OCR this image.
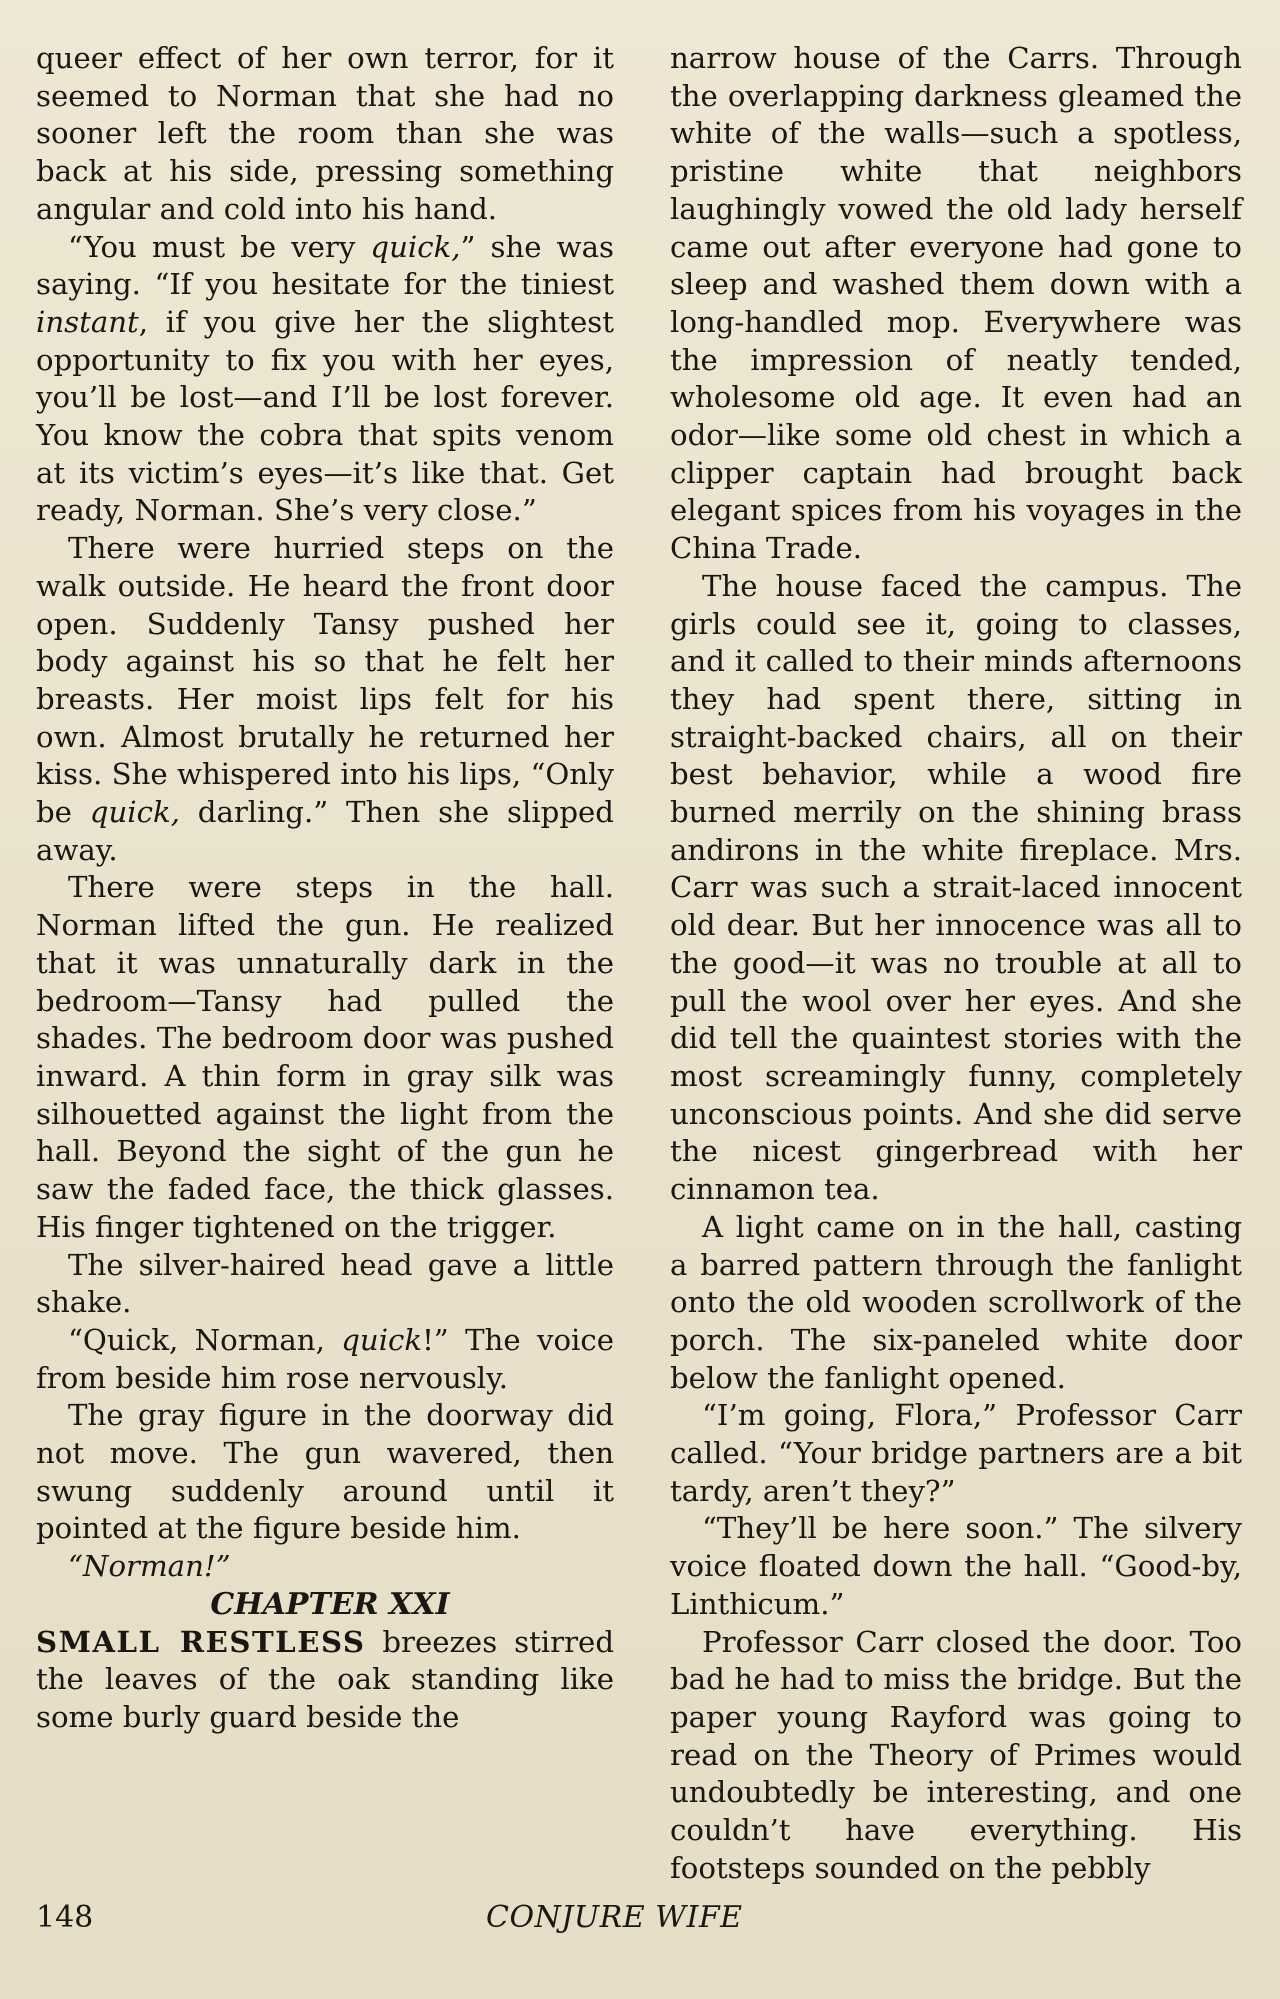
queer effect of her own terror, for it seemed to Norman that she had no sooner left the room than she was back at his side, pressing something angular and cold into his hand.

“You must be very quick,” she was saying. “If you hesitate for the tiniest instant, if you give her the slightest opportunity to fix you with her eyes, you’ll be lost—and I’ll be lost forever. You know the cobra that spits venom at its victim’s eyes—it’s like that. Get ready, Norman. She’s very close.”

There were hurried steps on the walk outside. He heard the front door open. Suddenly Tansy pushed her body against his so that he felt her breasts. Her moist lips felt for his own. Almost brutally he returned her kiss. She whispered into his lips, “Only be quick, darling.” Then she slipped away.

There were steps in the hall. Norman lifted the gun. He realized that it was unnaturally dark in the bedroom—Tansy had pulled the shades. The bedroom door was pushed inward. A thin form in gray silk was silhouetted against the light from the hall. Beyond the sight of the gun he saw the faded face, the thick glasses. His finger tightened on the trigger.

The silver-haired head gave a little shake.

“Quick, Norman, quick!” The voice from beside him rose nervously.

The gray figure in the doorway did not move. The gun wavered, then swung suddenly around until it pointed at the figure beside him.

“Norman!”

CHAPTER XXI

SMALL RESTLESS breezes stirred the leaves of the oak standing like some burly guard beside the

narrow house of the Carrs. Through the overlapping darkness gleamed the white of the walls—such a spotless, pristine white that neighbors laughingly vowed the old lady herself came out after everyone had gone to sleep and washed them down with a long-handled mop. Everywhere was the impression of neatly tended, wholesome old age. It even had an odor—like some old chest in which a clipper captain had brought back elegant spices from his voyages in the China Trade.

The house faced the campus. The girls could see it, going to classes, and it called to their minds afternoons they had spent there, sitting in straight-backed chairs, all on their best behavior, while a wood fire burned merrily on the shining brass andirons in the white fireplace. Mrs. Carr was such a strait-laced innocent old dear. But her innocence was all to the good—it was no trouble at all to pull the wool over her eyes. And she did tell the quaintest stories with the most screamingly funny, completely unconscious points. And she did serve the nicest gingerbread with her cinnamon tea.

A light came on in the hall, casting a barred pattern through the fanlight onto the old wooden scrollwork of the porch. The six-paneled white door below the fanlight opened.

“I’m going, Flora,” Professor Carr called. “Your bridge partners are a bit tardy, aren’t they?”

“They’ll be here soon.” The silvery voice floated down the hall. “Good-by, Linthicum.”

Professor Carr closed the door. Too bad he had to miss the bridge. But the paper young Rayford was going to read on the Theory of Primes would undoubtedly be interesting, and one couldn’t have everything. His footsteps sounded on the pebbly

148	CONJURE WIFE
